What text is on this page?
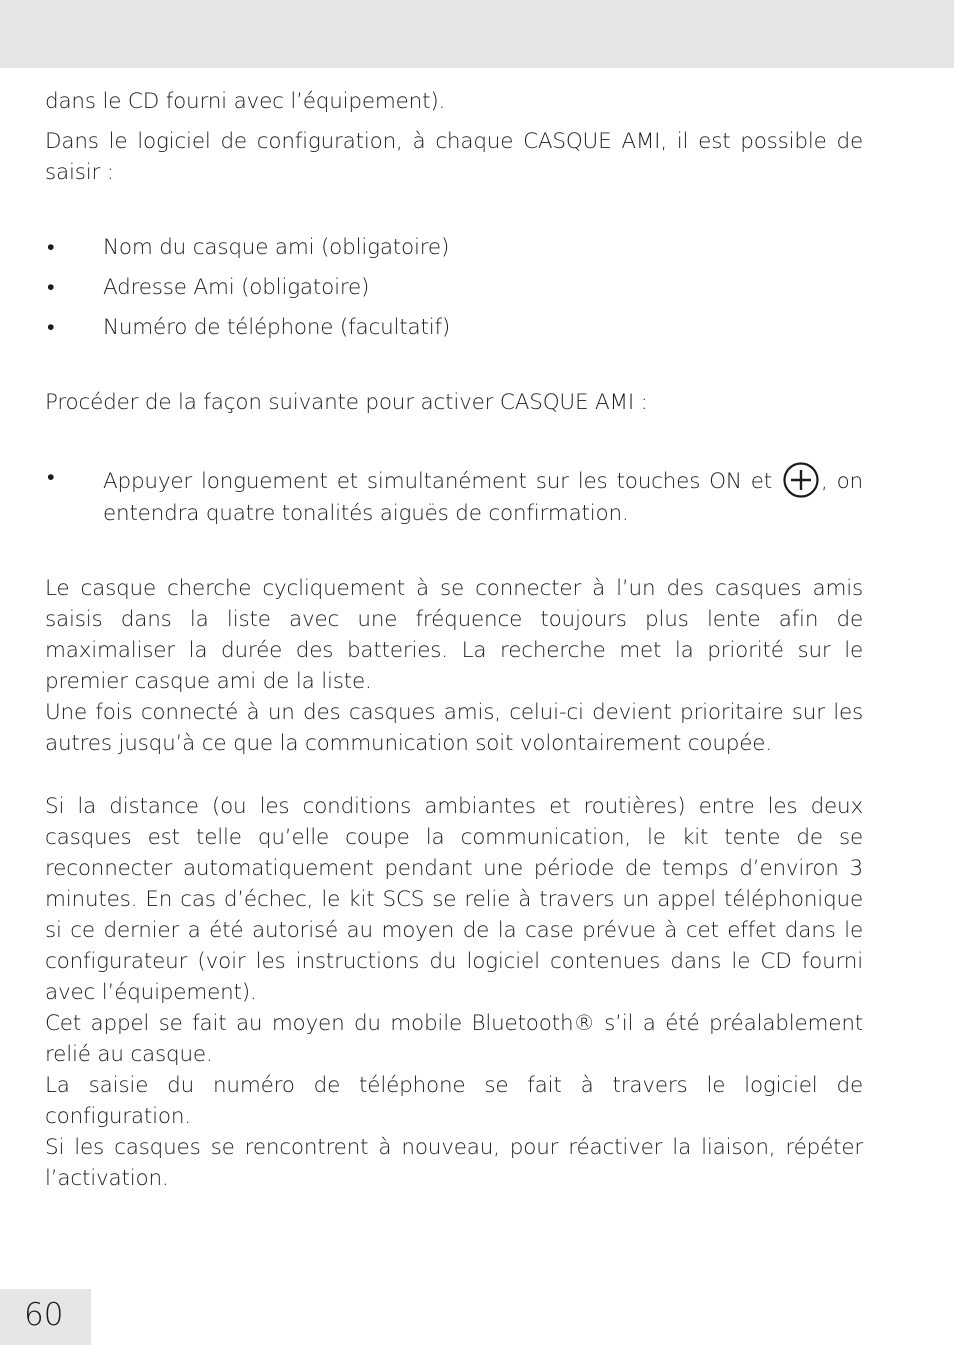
dans le CD fourni avec l’équipement).

Dans le logiciel de configuration, à chaque CASQUE AMI, il est possible de saisir :

• Nom du casque ami (obligatoire)
• Adresse Ami (obligatoire)
• Numéro de téléphone (facultatif)

Procéder de la façon suivante pour activer CASQUE AMI :

• Appuyer longuement et simultanément sur les touches ON et , on entendra quatre tonalités aiguës de confirmation.

Le casque cherche cycliquement à se connecter à l’un des casques amis saisis dans la liste avec une fréquence toujours plus lente afin de maximaliser la durée des batteries. La recherche met la priorité sur le premier casque ami de la liste.

Une fois connecté à un des casques amis, celui-ci devient prioritaire sur les autres jusqu’à ce que la communication soit volontairement coupée.

Si la distance (ou les conditions ambiantes et routières) entre les deux casques est telle qu’elle coupe la communication, le kit tente de se reconnecter automatiquement pendant une période de temps d’environ 3 minutes. En cas d’échec, le kit SCS se relie à travers un appel téléphonique si ce dernier a été autorisé au moyen de la case prévue à cet effet dans le configurateur (voir les instructions du logiciel contenues dans le CD fourni avec l’équipement).

Cet appel se fait au moyen du mobile Bluetooth® s’il a été préalablement relié au casque.

La saisie du numéro de téléphone se fait à travers le logiciel de configuration.

Si les casques se rencontrent à nouveau, pour réactiver la liaison, répéter l’activation.

60
